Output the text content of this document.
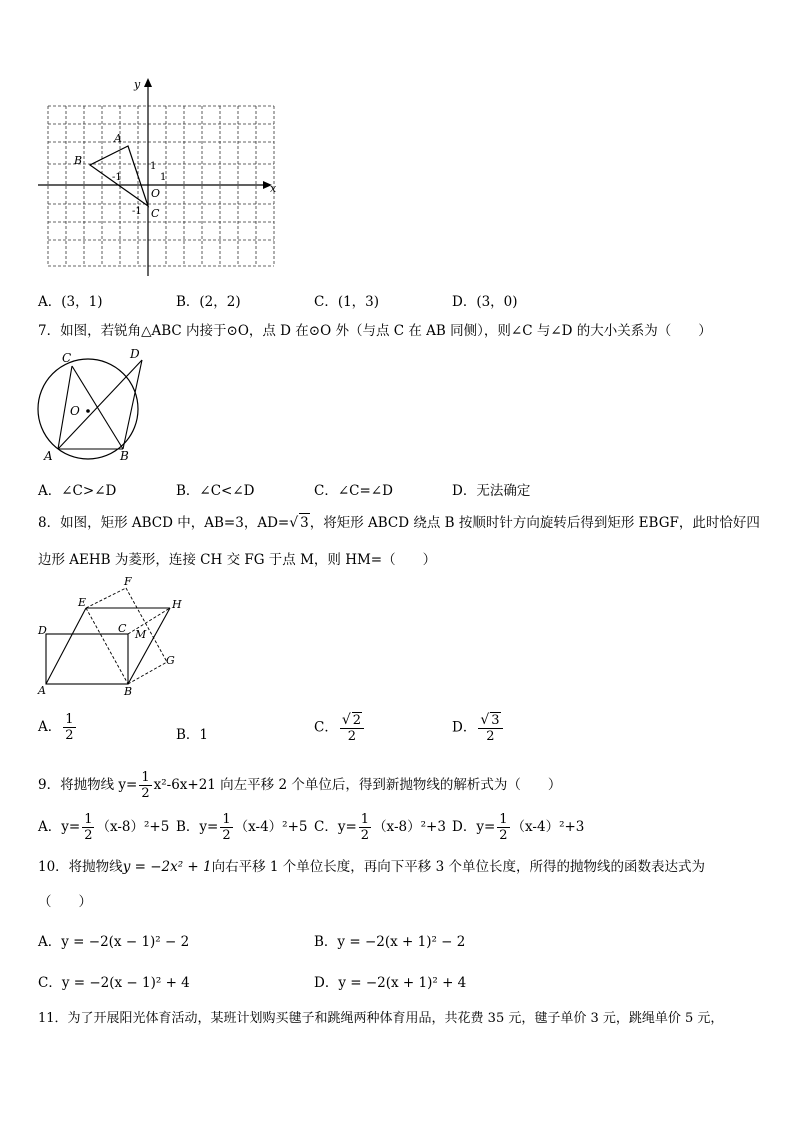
x
y
A
B
C
O
1
1
-1
-1
A．(3，1)	B．(2，2)	C．(1，3)	D．(3，0)
7．如图，若锐角△ABC 内接于⊙O，点 D 在⊙O 外（与点 C 在 AB 同侧），则∠C 与∠D 的大小关系为（　　）
C	D
O
A	B
A．∠C>∠D	B．∠C<∠D	C．∠C=∠D	D．无法确定
8．如图，矩形 ABCD 中，AB=3，AD=√ 3，将矩形 ABCD 绕点 B 按顺时针方向旋转后得到矩形 EBGF，此时恰好四
边形 AEHB 为菱形，连接 CH 交 FG 于点 M，则 HM=（　　）
D	C
A	B
E
F
H
G
M
A． $\frac{1}{2}$	B．1	C． $\frac{√ 2}{2}$	D． $\frac{√ 3}{2}$
9．将抛物线 $y= \frac{1}{2} x^2-6x+21$ 向左平移 2 个单位后，得到新抛物线的解析式为（　　）
A．$y= \frac{1}{2} (x-8)^2+5$ B．$y= \frac{1}{2} (x-4)^2+5$ C．$y= \frac{1}{2} (x-8)^2+3$ D．$y= \frac{1}{2} (x-4)^2+3$
10．将抛物线y = −2x² + 1向右平移 1 个单位长度，再向下平移 3 个单位长度，所得的抛物线的函数表达式为
（　　）
A．y = −2(x − 1)² − 2	B．y = −2(x + 1)² − 2
C．y = −2(x − 1)² + 4	D．y = −2(x + 1)² + 4
11．为了开展阳光体育活动，某班计划购买毽子和跳绳两种体育用品，共花费 35 元，毽子单价 3 元，跳绳单价 5 元，
